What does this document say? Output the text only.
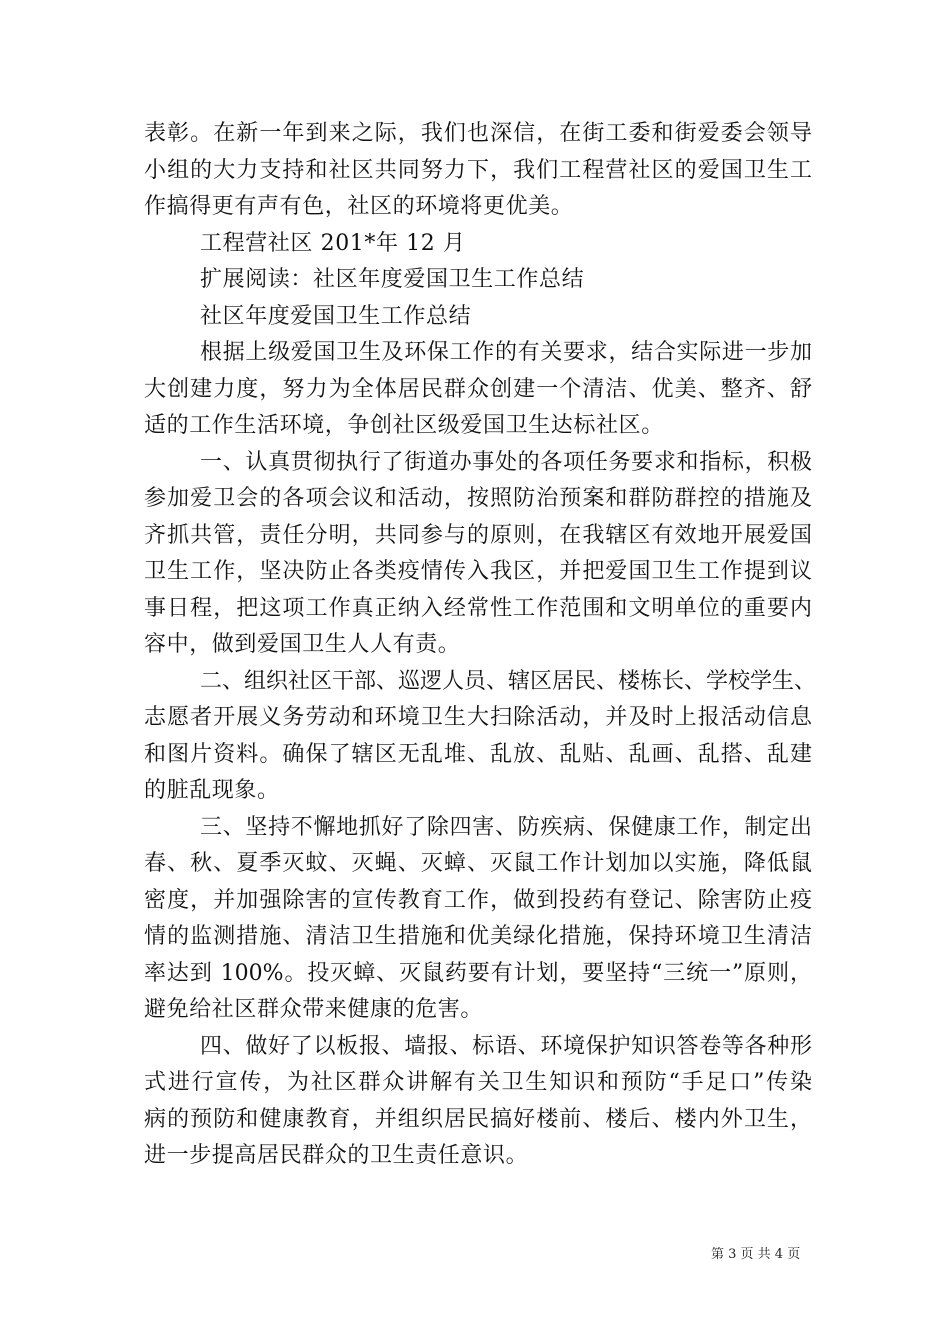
表彰。在新一年到来之际，我们也深信，在街工委和街爱委会领导
小组的大力支持和社区共同努力下，我们工程营社区的爱国卫生工
作搞得更有声有色，社区的环境将更优美。
工程营社区 201*年 12 月
扩展阅读：社区年度爱国卫生工作总结
社区年度爱国卫生工作总结
根据上级爱国卫生及环保工作的有关要求，结合实际进一步加
大创建力度，努力为全体居民群众创建一个清洁、优美、整齐、舒
适的工作生活环境，争创社区级爱国卫生达标社区。
一、认真贯彻执行了街道办事处的各项任务要求和指标，积极
参加爱卫会的各项会议和活动，按照防治预案和群防群控的措施及
齐抓共管，责任分明，共同参与的原则，在我辖区有效地开展爱国
卫生工作，坚决防止各类疫情传入我区，并把爱国卫生工作提到议
事日程，把这项工作真正纳入经常性工作范围和文明单位的重要内
容中，做到爱国卫生人人有责。
二、组织社区干部、巡逻人员、辖区居民、楼栋长、学校学生、
志愿者开展义务劳动和环境卫生大扫除活动，并及时上报活动信息
和图片资料。确保了辖区无乱堆、乱放、乱贴、乱画、乱搭、乱建
的脏乱现象。
三、坚持不懈地抓好了除四害、防疾病、保健康工作，制定出
春、秋、夏季灭蚊、灭蝇、灭蟑、灭鼠工作计划加以实施，降低鼠
密度，并加强除害的宣传教育工作，做到投药有登记、除害防止疫
情的监测措施、清洁卫生措施和优美绿化措施，保持环境卫生清洁
率达到 100%。投灭蟑、灭鼠药要有计划，要坚持“三统一”原则，
避免给社区群众带来健康的危害。
四、做好了以板报、墙报、标语、环境保护知识答卷等各种形
式进行宣传，为社区群众讲解有关卫生知识和预防“手足口”传染
病的预防和健康教育，并组织居民搞好楼前、楼后、楼内外卫生，
进一步提高居民群众的卫生责任意识。
第 3 页 共 4 页
